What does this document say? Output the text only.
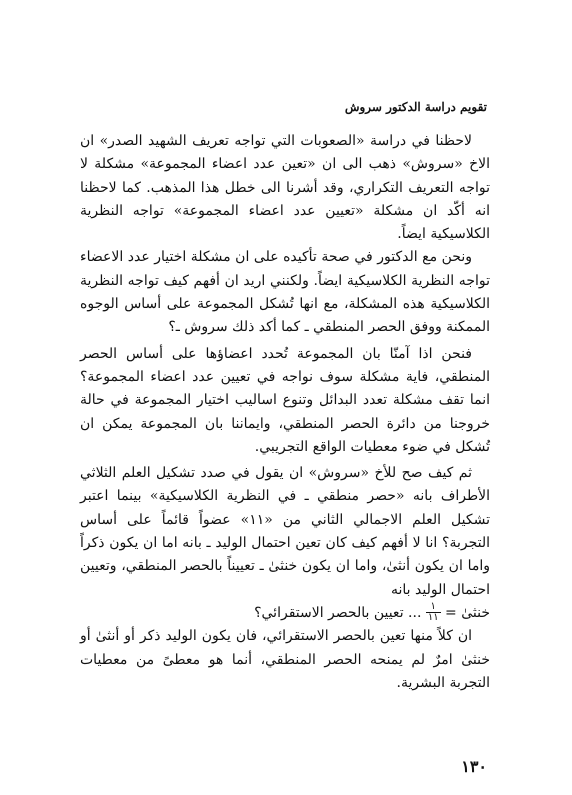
تقويم دراسة الدكتور سروش

لاحظنا في دراسة «الصعوبات التي تواجه تعريف الشهيد الصدر» ان الاخ «سروش» ذهب الى ان «تعين عدد اعضاء المجموعة» مشكلة لا تواجه التعريف التكراري، وقد أشرنا الى خطل هذا المذهب. كما لاحظنا انه أكّد ان مشكلة «تعيين عدد اعضاء المجموعة» تواجه النظرية الكلاسيكية ايضاً.

ونحن مع الدكتور في صحة تأكيده على ان مشكلة اختيار عدد الاعضاء تواجه النظرية الكلاسيكية ايضاً. ولكنني اريد ان أفهم كيف تواجه النظرية الكلاسيكية هذه المشكلة، مع انها تُشكل المجموعة على أساس الوجوه الممكنة ووفق الحصر المنطقي ـ كما أكد ذلك سروش ـ؟

فنحن اذا آمنّا بان المجموعة تُحدد اعضاؤها على أساس الحصر المنطقي، فاية مشكلة سوف نواجه في تعيين عدد اعضاء المجموعة؟ انما تقف مشكلة تعدد البدائل وتنوع اساليب اختيار المجموعة في حالة خروجنا من دائرة الحصر المنطقي، وايماننا بان المجموعة يمكن ان تُشكل في ضوء معطيات الواقع التجريبي.

ثم كيف صح للأخ «سروش» ان يقول في صدد تشكيل العلم الثلاثي الأطراف بانه «حصر منطقي ـ في النظرية الكلاسيكية» بينما اعتبر تشكيل العلم الاجمالي الثاني من «١١» عضواً قائماً على أساس التجربة؟ انا لا أفهم كيف كان تعين احتمال الوليد ـ بانه اما ان يكون ذكراً واما ان يكون أنثىٰ، واما ان يكون خنثىٰ ـ تعييناً بالحصر المنطقي، وتعيين احتمال الوليد بانه

خنثىٰ =
$\frac{١}{١١}$
... تعيين بالحصر الاستقرائي؟

ان كلاً منها تعين بالحصر الاستقرائي، فان يكون الوليد ذكر أو أنثىٰ أو خنثىٰ امرٌ لم يمنحه الحصر المنطقي، أنما هو معطىً من معطيات التجربة البشرية.

١٣٠
